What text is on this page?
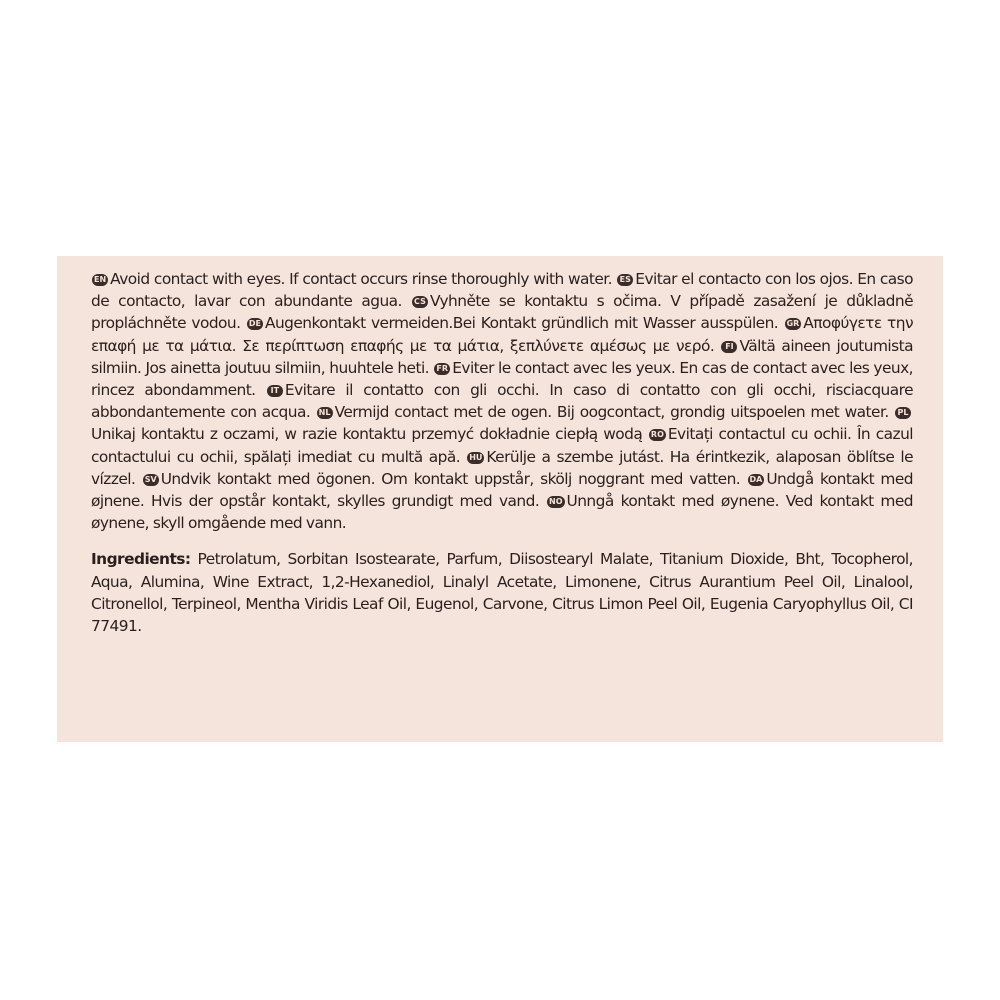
EN Avoid contact with eyes. If contact occurs rinse thoroughly with water. ES Evitar el contacto con los ojos. En caso de contacto, lavar con abundante agua. CS Vyhněte se kontaktu s očima. V případě zasažení je důkladně propláchněte vodou. DE Augenkontakt vermeiden.Bei Kontakt gründlich mit Wasser ausspülen. GR Αποφύγετε την επαφή με τα μάτια. Σε περίπτωση επαφής με τα μάτια, ξεπλύνετε αμέσως με νερό. FI Vältä aineen joutumista silmiin. Jos ainetta joutuu silmiin, huuhtele heti. FR Eviter le contact avec les yeux. En cas de contact avec les yeux, rincez abondamment. IT Evitare il contatto con gli occhi. In caso di contatto con gli occhi, risciacquare abbondantemente con acqua. NL Vermijd contact met de ogen. Bij oogcontact, grondig uitspoelen met water. PLUnikaj kontaktu z oczami, w razie kontaktu przemyć dokładnie ciepłą wodą RO Evitați contactul cu ochii. În cazul contactului cu ochii, spălați imediat cu multă apă. HU Kerülje a szembe jutást. Ha érintkezik, alaposan öblítse le vízzel. SV Undvik kontakt med ögonen. Om kontakt uppstår, skölj noggrant med vatten. DA Undgå kontakt med øjnene. Hvis der opstår kontakt, skylles grundigt med vand. NO Unngå kontakt med øynene. Ved kontakt med øynene, skyll omgående med vann.

Ingredients: Petrolatum, Sorbitan Isostearate, Parfum, Diisostearyl Malate, Titanium Dioxide, Bht, Tocopherol, Aqua, Alumina, Wine Extract, 1,2-Hexanediol, Linalyl Acetate, Limonene, Citrus Aurantium Peel Oil, Linalool, Citronellol, Terpineol, Mentha Viridis Leaf Oil, Eugenol, Carvone, Citrus Limon Peel Oil, Eugenia Caryophyllus Oil, CI 77491.
